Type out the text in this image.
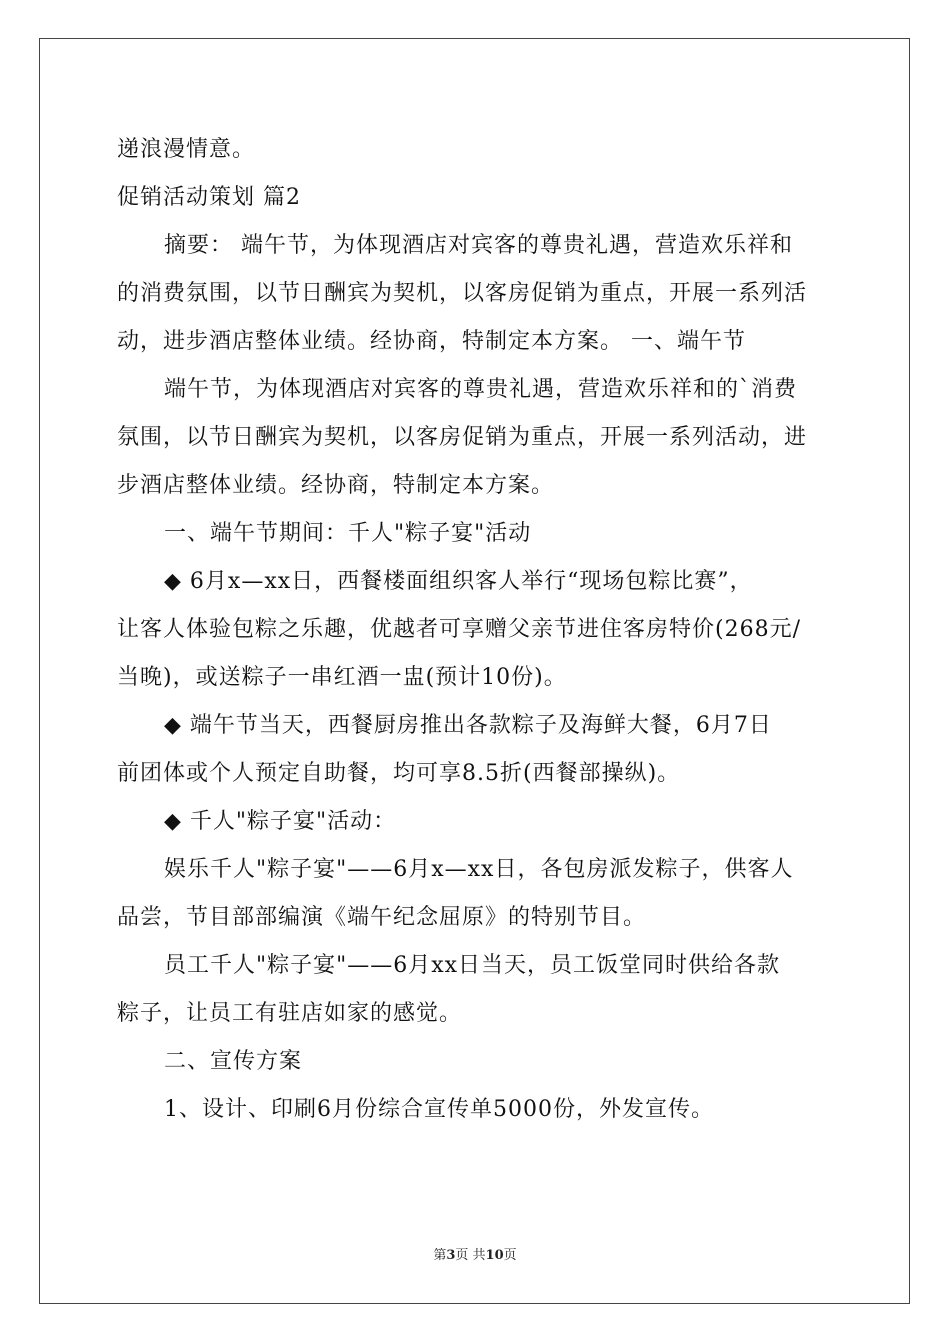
递浪漫情意。
促销活动策划 篇2
摘要： 端午节，为体现酒店对宾客的尊贵礼遇，营造欢乐祥和
的消费氛围，以节日酬宾为契机，以客房促销为重点，开展一系列活
动，进步酒店整体业绩。经协商，特制定本方案。 一、端午节
端午节，为体现酒店对宾客的尊贵礼遇，营造欢乐祥和的`消费
氛围，以节日酬宾为契机，以客房促销为重点，开展一系列活动，进
步酒店整体业绩。经协商，特制定本方案。
一、端午节期间：千人"粽子宴"活动
◆ 6月x—xx日，西餐楼面组织客人举行“现场包粽比赛”，
让客人体验包粽之乐趣，优越者可享赠父亲节进住客房特价(268元/
当晚)，或送粽子一串红酒一盅(预计10份)。
◆ 端午节当天，西餐厨房推出各款粽子及海鲜大餐，6月7日
前团体或个人预定自助餐，均可享8.5折(西餐部操纵)。
◆ 千人"粽子宴"活动：
娱乐千人"粽子宴"——6月x—xx日，各包房派发粽子，供客人
品尝，节目部部编演《端午纪念屈原》的特别节目。
员工千人"粽子宴"——6月xx日当天，员工饭堂同时供给各款
粽子，让员工有驻店如家的感觉。
二、宣传方案
1、设计、印刷6月份综合宣传单5000份，外发宣传。
第3页 共10页
